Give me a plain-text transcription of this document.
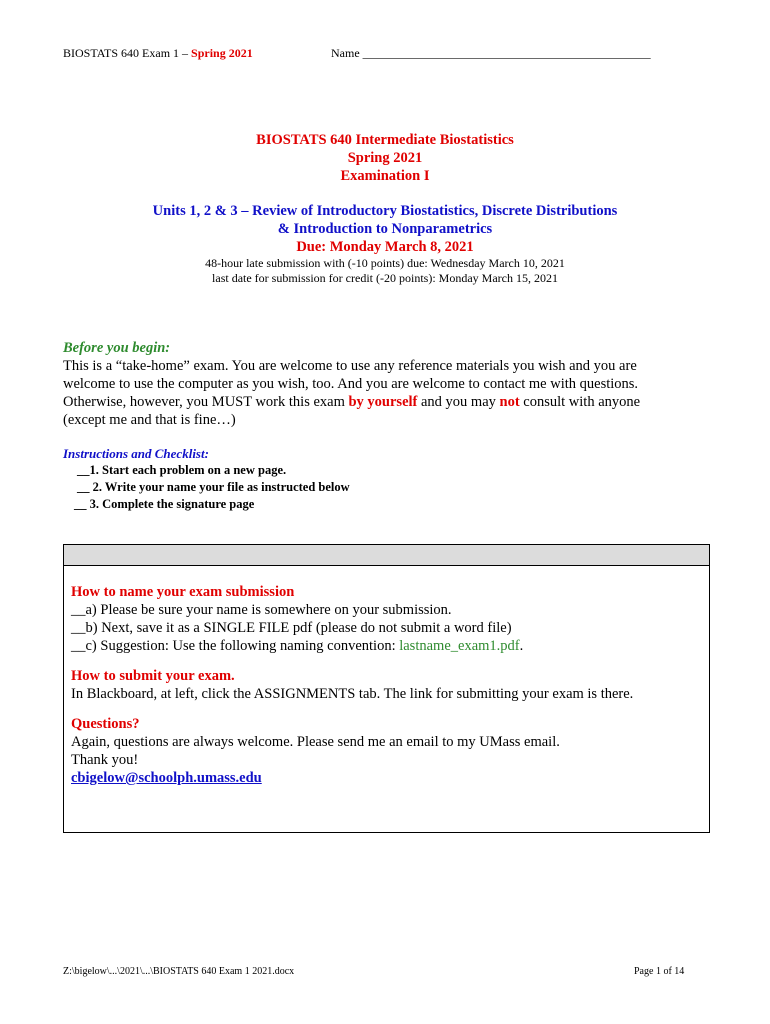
BIOSTATS 640 Exam 1 – Spring 2021	Name ________________________________________________
BIOSTATS 640 Intermediate Biostatistics
Spring 2021
Examination I
Units 1, 2 & 3 – Review of Introductory Biostatistics, Discrete Distributions
& Introduction to Nonparametrics
Due: Monday March 8, 2021
48-hour late submission with (-10 points) due: Wednesday March 10, 2021
last date for submission for credit (-20 points): Monday March 15, 2021
Before you begin:
This is a “take-home” exam. You are welcome to use any reference materials you wish and you are
welcome to use the computer as you wish, too. And you are welcome to contact me with questions.
Otherwise, however, you MUST work this exam by yourself and you may not consult with anyone
(except me and that is fine…)
Instructions and Checklist:
__1. Start each problem on a new page.
__ 2. Write your name your file as instructed below
__ 3. Complete the signature page
How to name your exam submission
__a) Please be sure your name is somewhere on your submission.
__b) Next, save it as a SINGLE FILE pdf (please do not submit a word file)
__c) Suggestion: Use the following naming convention: lastname_exam1.pdf.
How to submit your exam.
In Blackboard, at left, click the ASSIGNMENTS tab. The link for submitting your exam is there.
Questions?
Again, questions are always welcome. Please send me an email to my UMass email.
Thank you!
cbigelow@schoolph.umass.edu
Z:\bigelow\...\2021\...\BIOSTATS 640 Exam 1 2021.docx	Page 1 of 14
